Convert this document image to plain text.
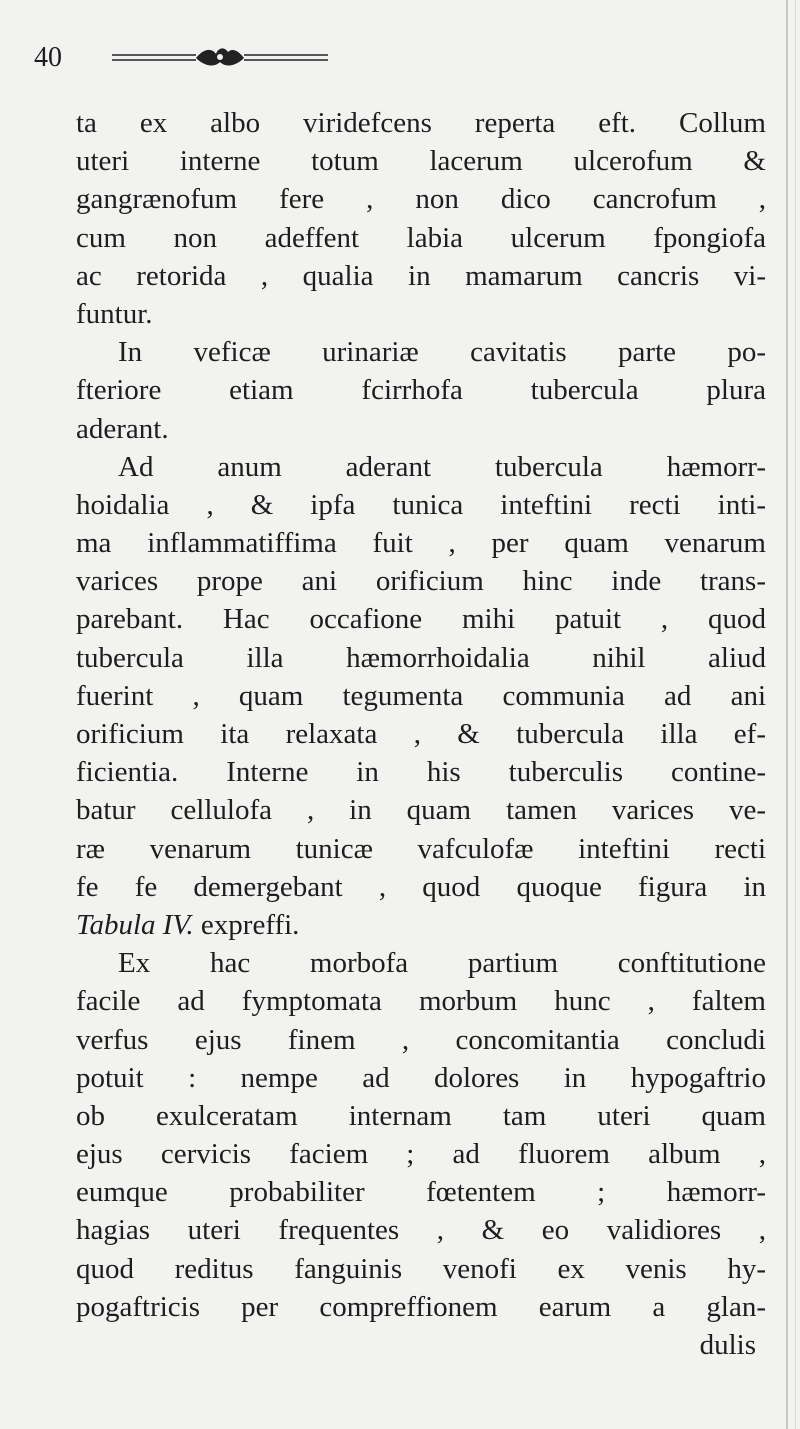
40
ta ex albo viridefcens reperta eft. Collum
uteri interne totum lacerum ulcerofum &
gangrænofum fere , non dico cancrofum ,
cum non adeffent labia ulcerum fpongiofa
ac retorida , qualia in mamarum cancris vi-
funtur.
In veficæ urinariæ cavitatis parte po-
fteriore etiam fcirrhofa tubercula plura
aderant.
Ad anum aderant tubercula hæmorr-
hoidalia , & ipfa tunica inteftini recti inti-
ma inflammatiffima fuit , per quam venarum
varices prope ani orificium hinc inde trans-
parebant. Hac occafione mihi patuit , quod
tubercula illa hæmorrhoidalia nihil aliud
fuerint , quam tegumenta communia ad ani
orificium ita relaxata , & tubercula illa ef-
ficientia. Interne in his tuberculis contine-
batur cellulofa , in quam tamen varices ve-
ræ venarum tunicæ vafculofæ inteftini recti
fe fe demergebant , quod quoque figura in
Tabula IV. expreffi.
Ex hac morbofa partium conftitutione
facile ad fymptomata morbum hunc , faltem
verfus ejus finem , concomitantia concludi
potuit : nempe ad dolores in hypogaftrio
ob exulceratam internam tam uteri quam
ejus cervicis faciem ; ad fluorem album ,
eumque probabiliter fœtentem ; hæmorr-
hagias uteri frequentes , & eo validiores ,
quod reditus fanguinis venofi ex venis hy-
pogaftricis per compreffionem earum a glan-
dulis
